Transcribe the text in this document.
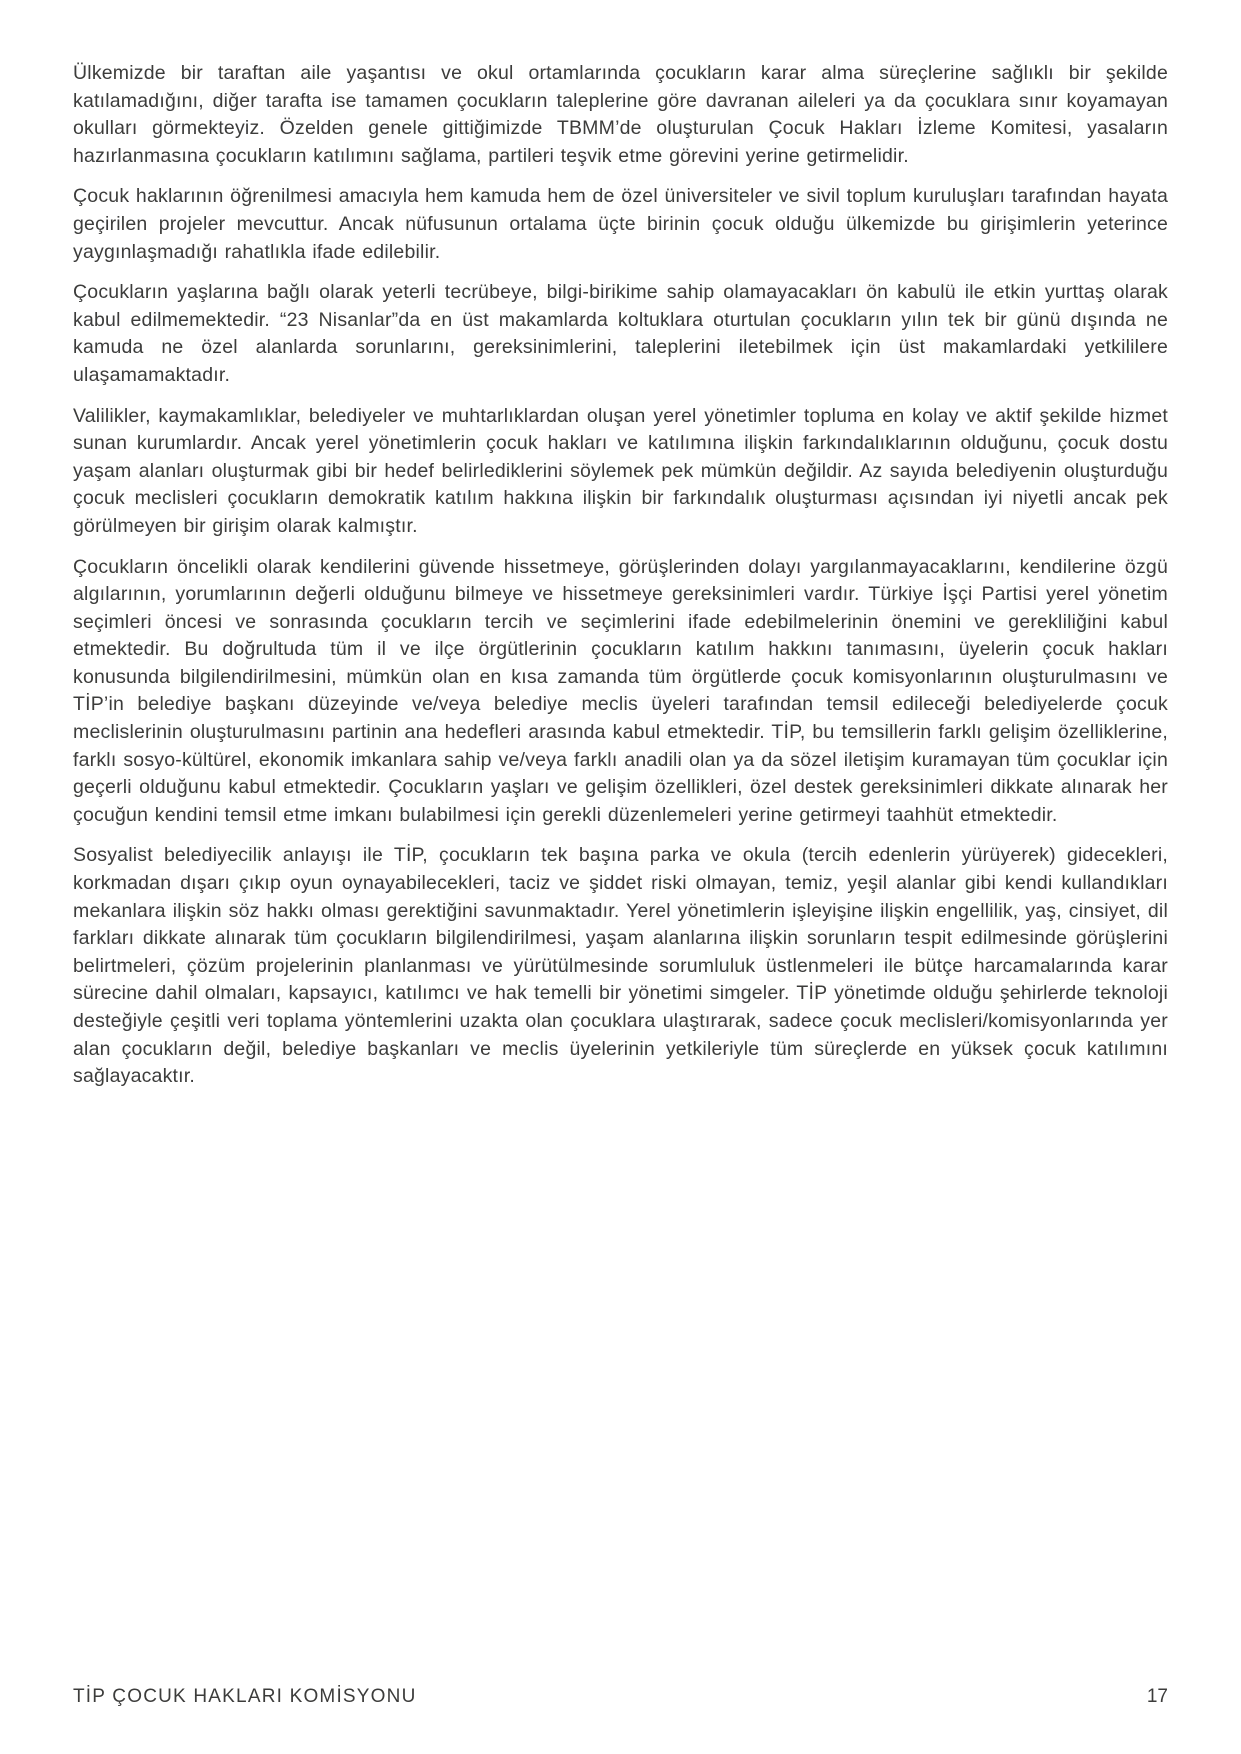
Ülkemizde bir taraftan aile yaşantısı ve okul ortamlarında çocukların karar alma süreçlerine sağlıklı bir şekilde katılamadığını, diğer tarafta ise tamamen çocukların taleplerine göre davranan aileleri ya da çocuklara sınır koyamayan okulları görmekteyiz. Özelden genele gittiğimizde TBMM’de oluşturulan Çocuk Hakları İzleme Komitesi, yasaların hazırlanmasına çocukların katılımını sağlama, partileri teşvik etme görevini yerine getirmelidir.

Çocuk haklarının öğrenilmesi amacıyla hem kamuda hem de özel üniversiteler ve sivil toplum kuruluşları tarafından hayata geçirilen projeler mevcuttur. Ancak nüfusunun ortalama üçte birinin çocuk olduğu ülkemizde bu girişimlerin yeterince yaygınlaşmadığı rahatlıkla ifade edilebilir.

Çocukların yaşlarına bağlı olarak yeterli tecrübeye, bilgi-birikime sahip olamayacakları ön kabulü ile etkin yurttaş olarak kabul edilmemektedir. “23 Nisanlar”da en üst makamlarda koltuklara oturtulan çocukların yılın tek bir günü dışında ne kamuda ne özel alanlarda sorunlarını, gereksinimlerini, taleplerini iletebilmek için üst makamlardaki yetkililere ulaşamamaktadır.

Valilikler, kaymakamlıklar, belediyeler ve muhtarlıklardan oluşan yerel yönetimler topluma en kolay ve aktif şekilde hizmet sunan kurumlardır. Ancak yerel yönetimlerin çocuk hakları ve katılımına ilişkin farkındalıklarının olduğunu, çocuk dostu yaşam alanları oluşturmak gibi bir hedef belirlediklerini söylemek pek mümkün değildir. Az sayıda belediyenin oluşturduğu çocuk meclisleri çocukların demokratik katılım hakkına ilişkin bir farkındalık oluşturması açısından iyi niyetli ancak pek görülmeyen bir girişim olarak kalmıştır.

Çocukların öncelikli olarak kendilerini güvende hissetmeye, görüşlerinden dolayı yargılanmayacaklarını, kendilerine özgü algılarının, yorumlarının değerli olduğunu bilmeye ve hissetmeye gereksinimleri vardır. Türkiye İşçi Partisi yerel yönetim seçimleri öncesi ve sonrasında çocukların tercih ve seçimlerini ifade edebilmelerinin önemini ve gerekliliğini kabul etmektedir. Bu doğrultuda tüm il ve ilçe örgütlerinin çocukların katılım hakkını tanımasını, üyelerin çocuk hakları konusunda bilgilendirilmesini, mümkün olan en kısa zamanda tüm örgütlerde çocuk komisyonlarının oluşturulmasını ve TİP’in belediye başkanı düzeyinde ve/veya belediye meclis üyeleri tarafından temsil edileceği belediyelerde çocuk meclislerinin oluşturulmasını partinin ana hedefleri arasında kabul etmektedir. TİP, bu temsillerin farklı gelişim özelliklerine, farklı sosyo-kültürel, ekonomik imkanlara sahip ve/veya farklı anadili olan ya da sözel iletişim kuramayan tüm çocuklar için geçerli olduğunu kabul etmektedir. Çocukların yaşları ve gelişim özellikleri, özel destek gereksinimleri dikkate alınarak her çocuğun kendini temsil etme imkanı bulabilmesi için gerekli düzenlemeleri yerine getirmeyi taahhüt etmektedir.

Sosyalist belediyecilik anlayışı ile TİP, çocukların tek başına parka ve okula (tercih edenlerin yürüyerek) gidecekleri, korkmadan dışarı çıkıp oyun oynayabilecekleri, taciz ve şiddet riski olmayan, temiz, yeşil alanlar gibi kendi kullandıkları mekanlara ilişkin söz hakkı olması gerektiğini savunmaktadır. Yerel yönetimlerin işleyişine ilişkin engellilik, yaş, cinsiyet, dil farkları dikkate alınarak tüm çocukların bilgilendirilmesi, yaşam alanlarına ilişkin sorunların tespit edilmesinde görüşlerini belirtmeleri, çözüm projelerinin planlanması ve yürütülmesinde sorumluluk üstlenmeleri ile bütçe harcamalarında karar sürecine dahil olmaları, kapsayıcı, katılımcı ve hak temelli bir yönetimi simgeler. TİP yönetimde olduğu şehirlerde teknoloji desteğiyle çeşitli veri toplama yöntemlerini uzakta olan çocuklara ulaştırarak, sadece çocuk meclisleri/komisyonlarında yer alan çocukların değil, belediye başkanları ve meclis üyelerinin yetkileriyle tüm süreçlerde en yüksek çocuk katılımını sağlayacaktır.

TİP ÇOCUK HAKLARI KOMİSYONU	17
